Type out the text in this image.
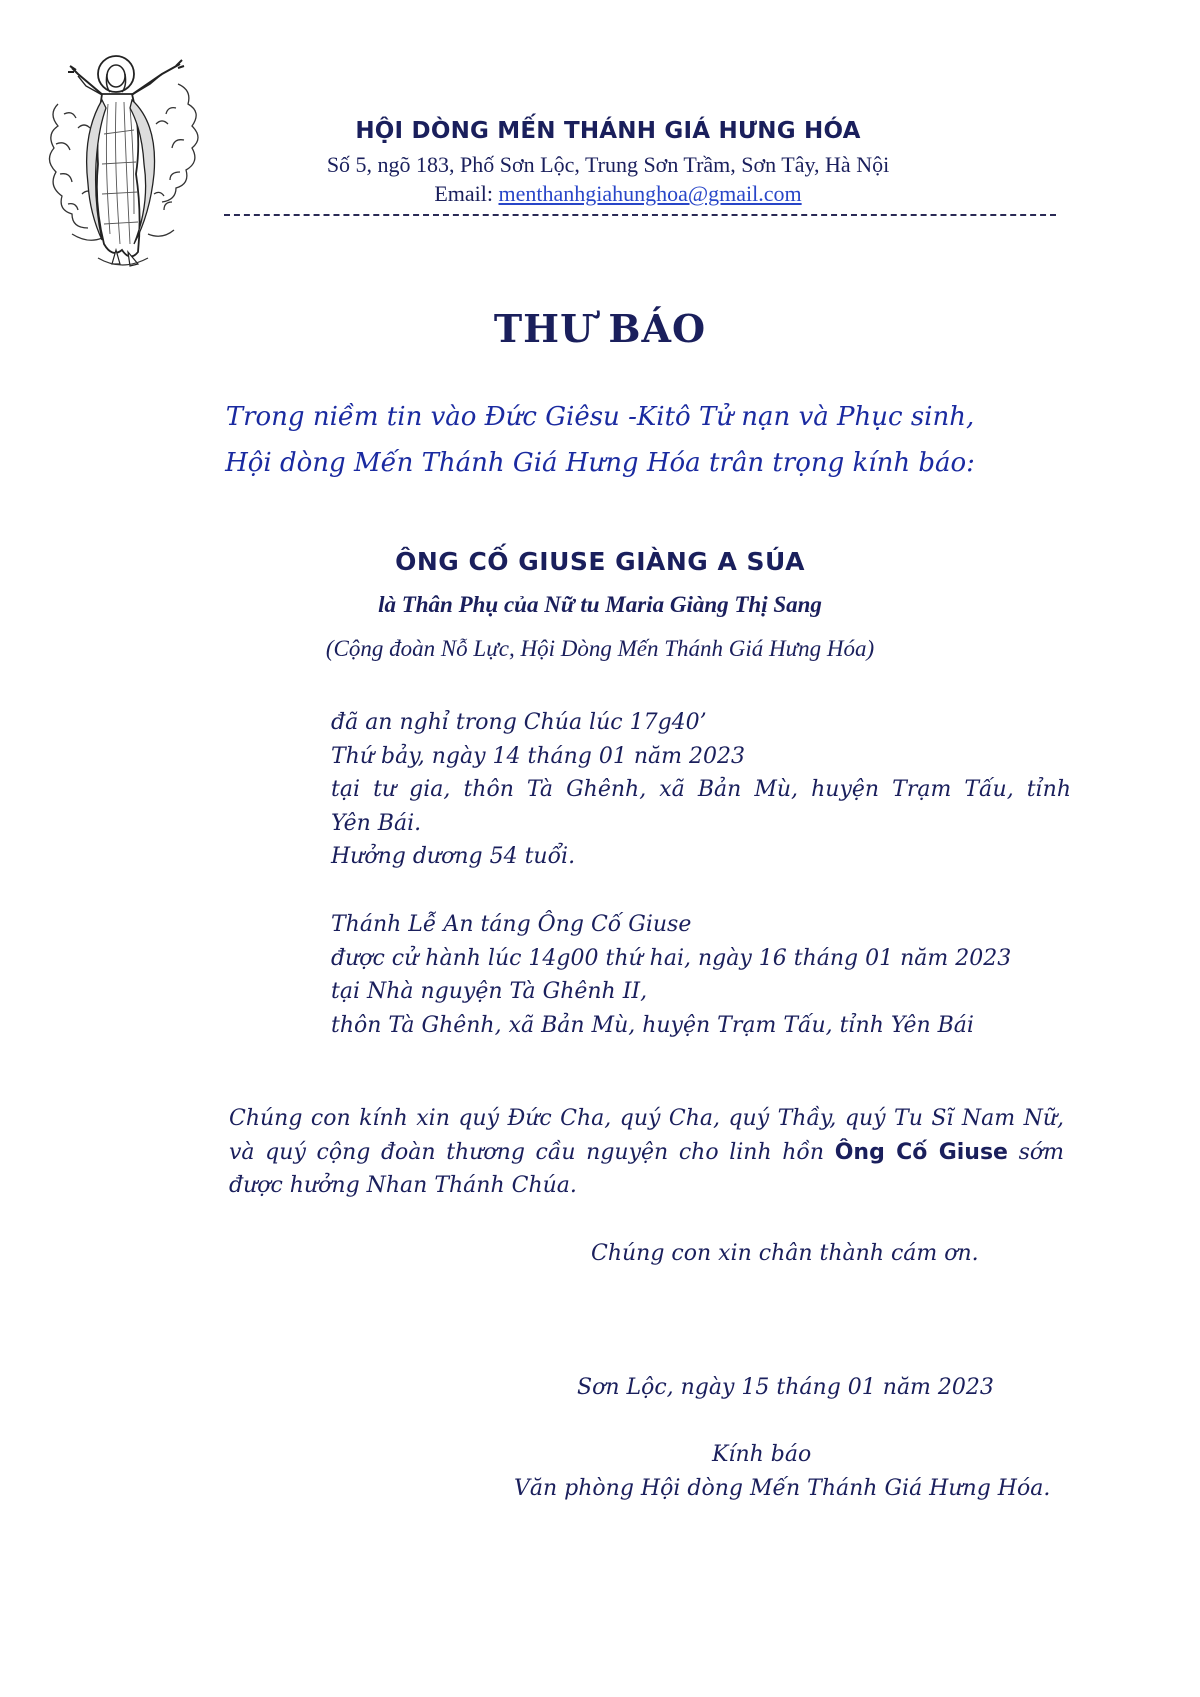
HỘI DÒNG MẾN THÁNH GIÁ HƯNG HÓA
Số 5, ngõ 183, Phố Sơn Lộc, Trung Sơn Trầm, Sơn Tây, Hà Nội
Email: menthanhgiahunghoa@gmail.com
THƯ BÁO
Trong niềm tin vào Đức Giêsu -Kitô Tử nạn và Phục sinh,
Hội dòng Mến Thánh Giá Hưng Hóa trân trọng kính báo:
ÔNG CỐ GIUSE GIÀNG A SÚA
là Thân Phụ của Nữ tu Maria Giàng Thị Sang
(Cộng đoàn Nỗ Lực, Hội Dòng Mến Thánh Giá Hưng Hóa)
đã an nghỉ trong Chúa lúc 17g40’
Thứ bảy, ngày 14 tháng 01 năm 2023
tại tư gia, thôn Tà Ghênh, xã Bản Mù, huyện Trạm Tấu, tỉnh
Yên Bái.
Hưởng dương 54 tuổi.
Thánh Lễ An táng Ông Cố Giuse
được cử hành lúc 14g00 thứ hai, ngày 16 tháng 01 năm 2023
tại Nhà nguyện Tà Ghênh II,
thôn Tà Ghênh, xã Bản Mù, huyện Trạm Tấu, tỉnh Yên Bái
Chúng con kính xin quý Đức Cha, quý Cha, quý Thầy, quý Tu Sĩ Nam Nữ, và quý cộng đoàn thương cầu nguyện cho linh hồn Ông Cố Giuse sớm được hưởng Nhan Thánh Chúa.
Chúng con xin chân thành cám ơn.
Sơn Lộc, ngày 15 tháng 01 năm 2023
Kính báo
Văn phòng Hội dòng Mến Thánh Giá Hưng Hóa.
